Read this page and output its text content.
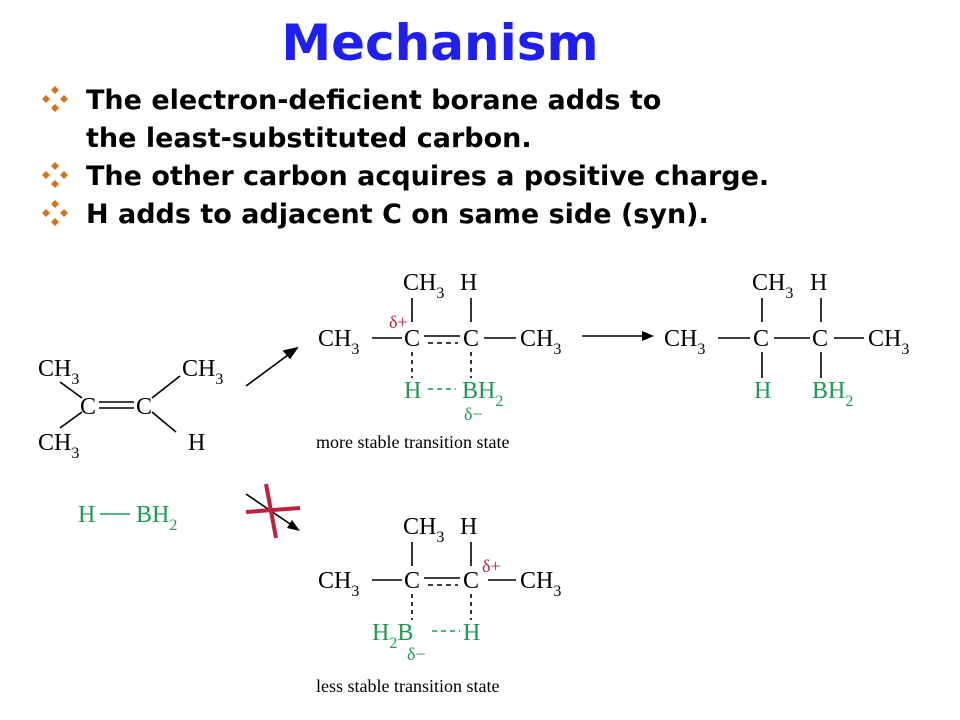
Mechanism
The electron-deficient borane adds to
the least-substituted carbon.
The other carbon acquires a positive charge.
H adds to adjacent C on same side (syn).
$CH_3$	$CH_3$
C C
$CH_3$	H
H $BH_2$
$CH_3$ H
$CH_3$
δ+
C C $CH_3$
H $BH_2$
δ−
more stable transition state
$CH_3$ H
$CH_3$ C C $CH_3$
H $BH_2$
$CH_3$ H
$CH_3$ C C
δ+
$CH_3$
$H_2B$ H
δ−
less stable transition state
